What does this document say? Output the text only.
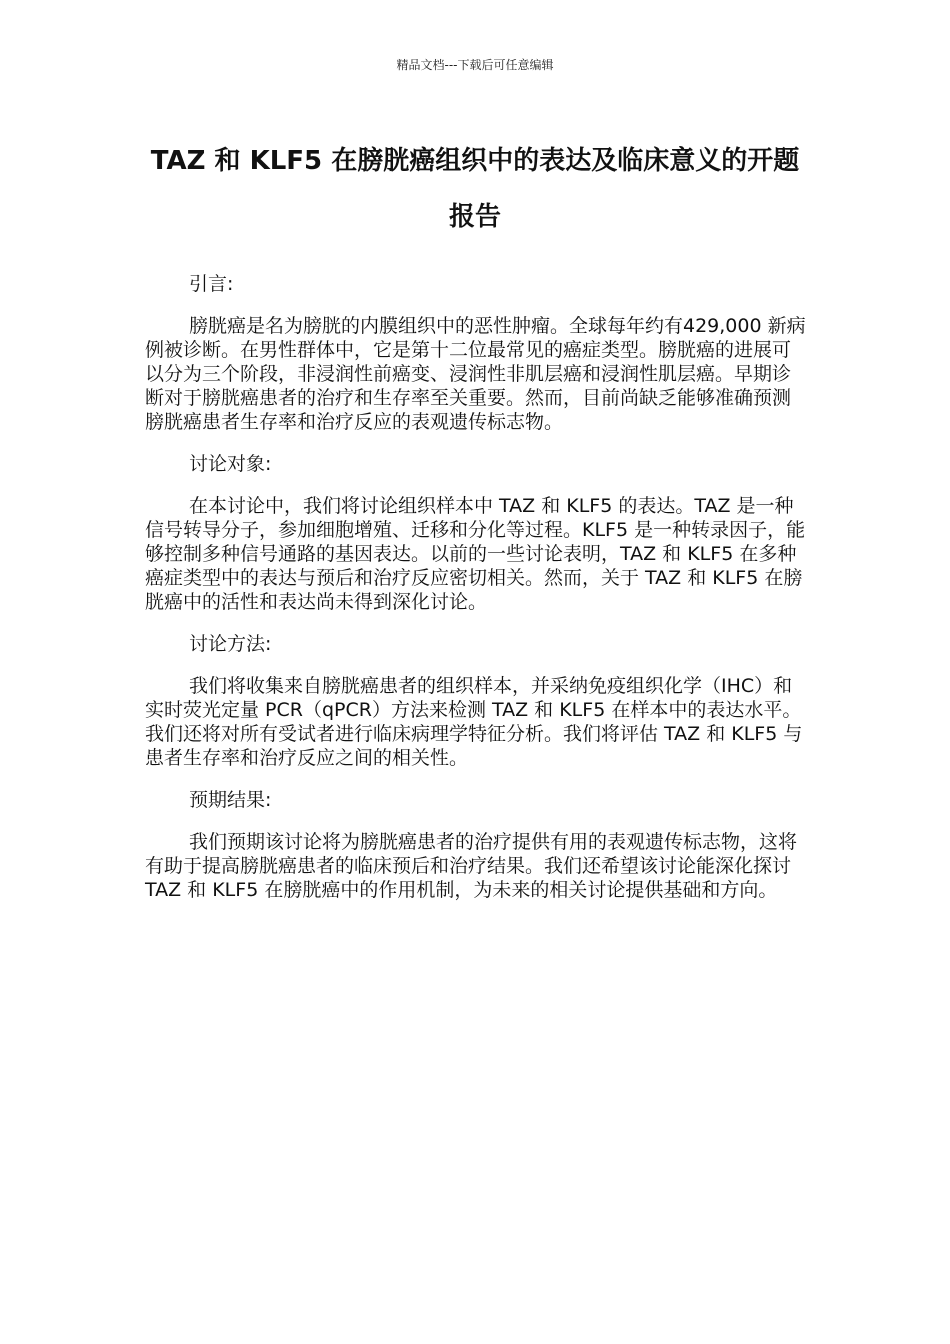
精品文档---下载后可任意编辑
TAZ 和 KLF5 在膀胱癌组织中的表达及临床意义的开题报告

引言:

膀胱癌是名为膀胱的内膜组织中的恶性肿瘤。全球每年约有429,000 新病例被诊断。在男性群体中，它是第十二位最常见的癌症类型。膀胱癌的进展可以分为三个阶段，非浸润性前癌变、浸润性非肌层癌和浸润性肌层癌。早期诊断对于膀胱癌患者的治疗和生存率至关重要。然而，目前尚缺乏能够准确预测膀胱癌患者生存率和治疗反应的表观遗传标志物。

讨论对象:

在本讨论中，我们将讨论组织样本中 TAZ 和 KLF5 的表达。TAZ 是一种信号转导分子，参加细胞增殖、迁移和分化等过程。KLF5 是一种转录因子，能够控制多种信号通路的基因表达。以前的一些讨论表明，TAZ 和 KLF5 在多种癌症类型中的表达与预后和治疗反应密切相关。然而，关于 TAZ 和 KLF5 在膀胱癌中的活性和表达尚未得到深化讨论。

讨论方法:

我们将收集来自膀胱癌患者的组织样本，并采纳免疫组织化学（IHC）和实时荧光定量 PCR（qPCR）方法来检测 TAZ 和 KLF5 在样本中的表达水平。我们还将对所有受试者进行临床病理学特征分析。我们将评估 TAZ 和 KLF5 与患者生存率和治疗反应之间的相关性。

预期结果:

我们预期该讨论将为膀胱癌患者的治疗提供有用的表观遗传标志物，这将有助于提高膀胱癌患者的临床预后和治疗结果。我们还希望该讨论能深化探讨 TAZ 和 KLF5 在膀胱癌中的作用机制，为未来的相关讨论提供基础和方向。
